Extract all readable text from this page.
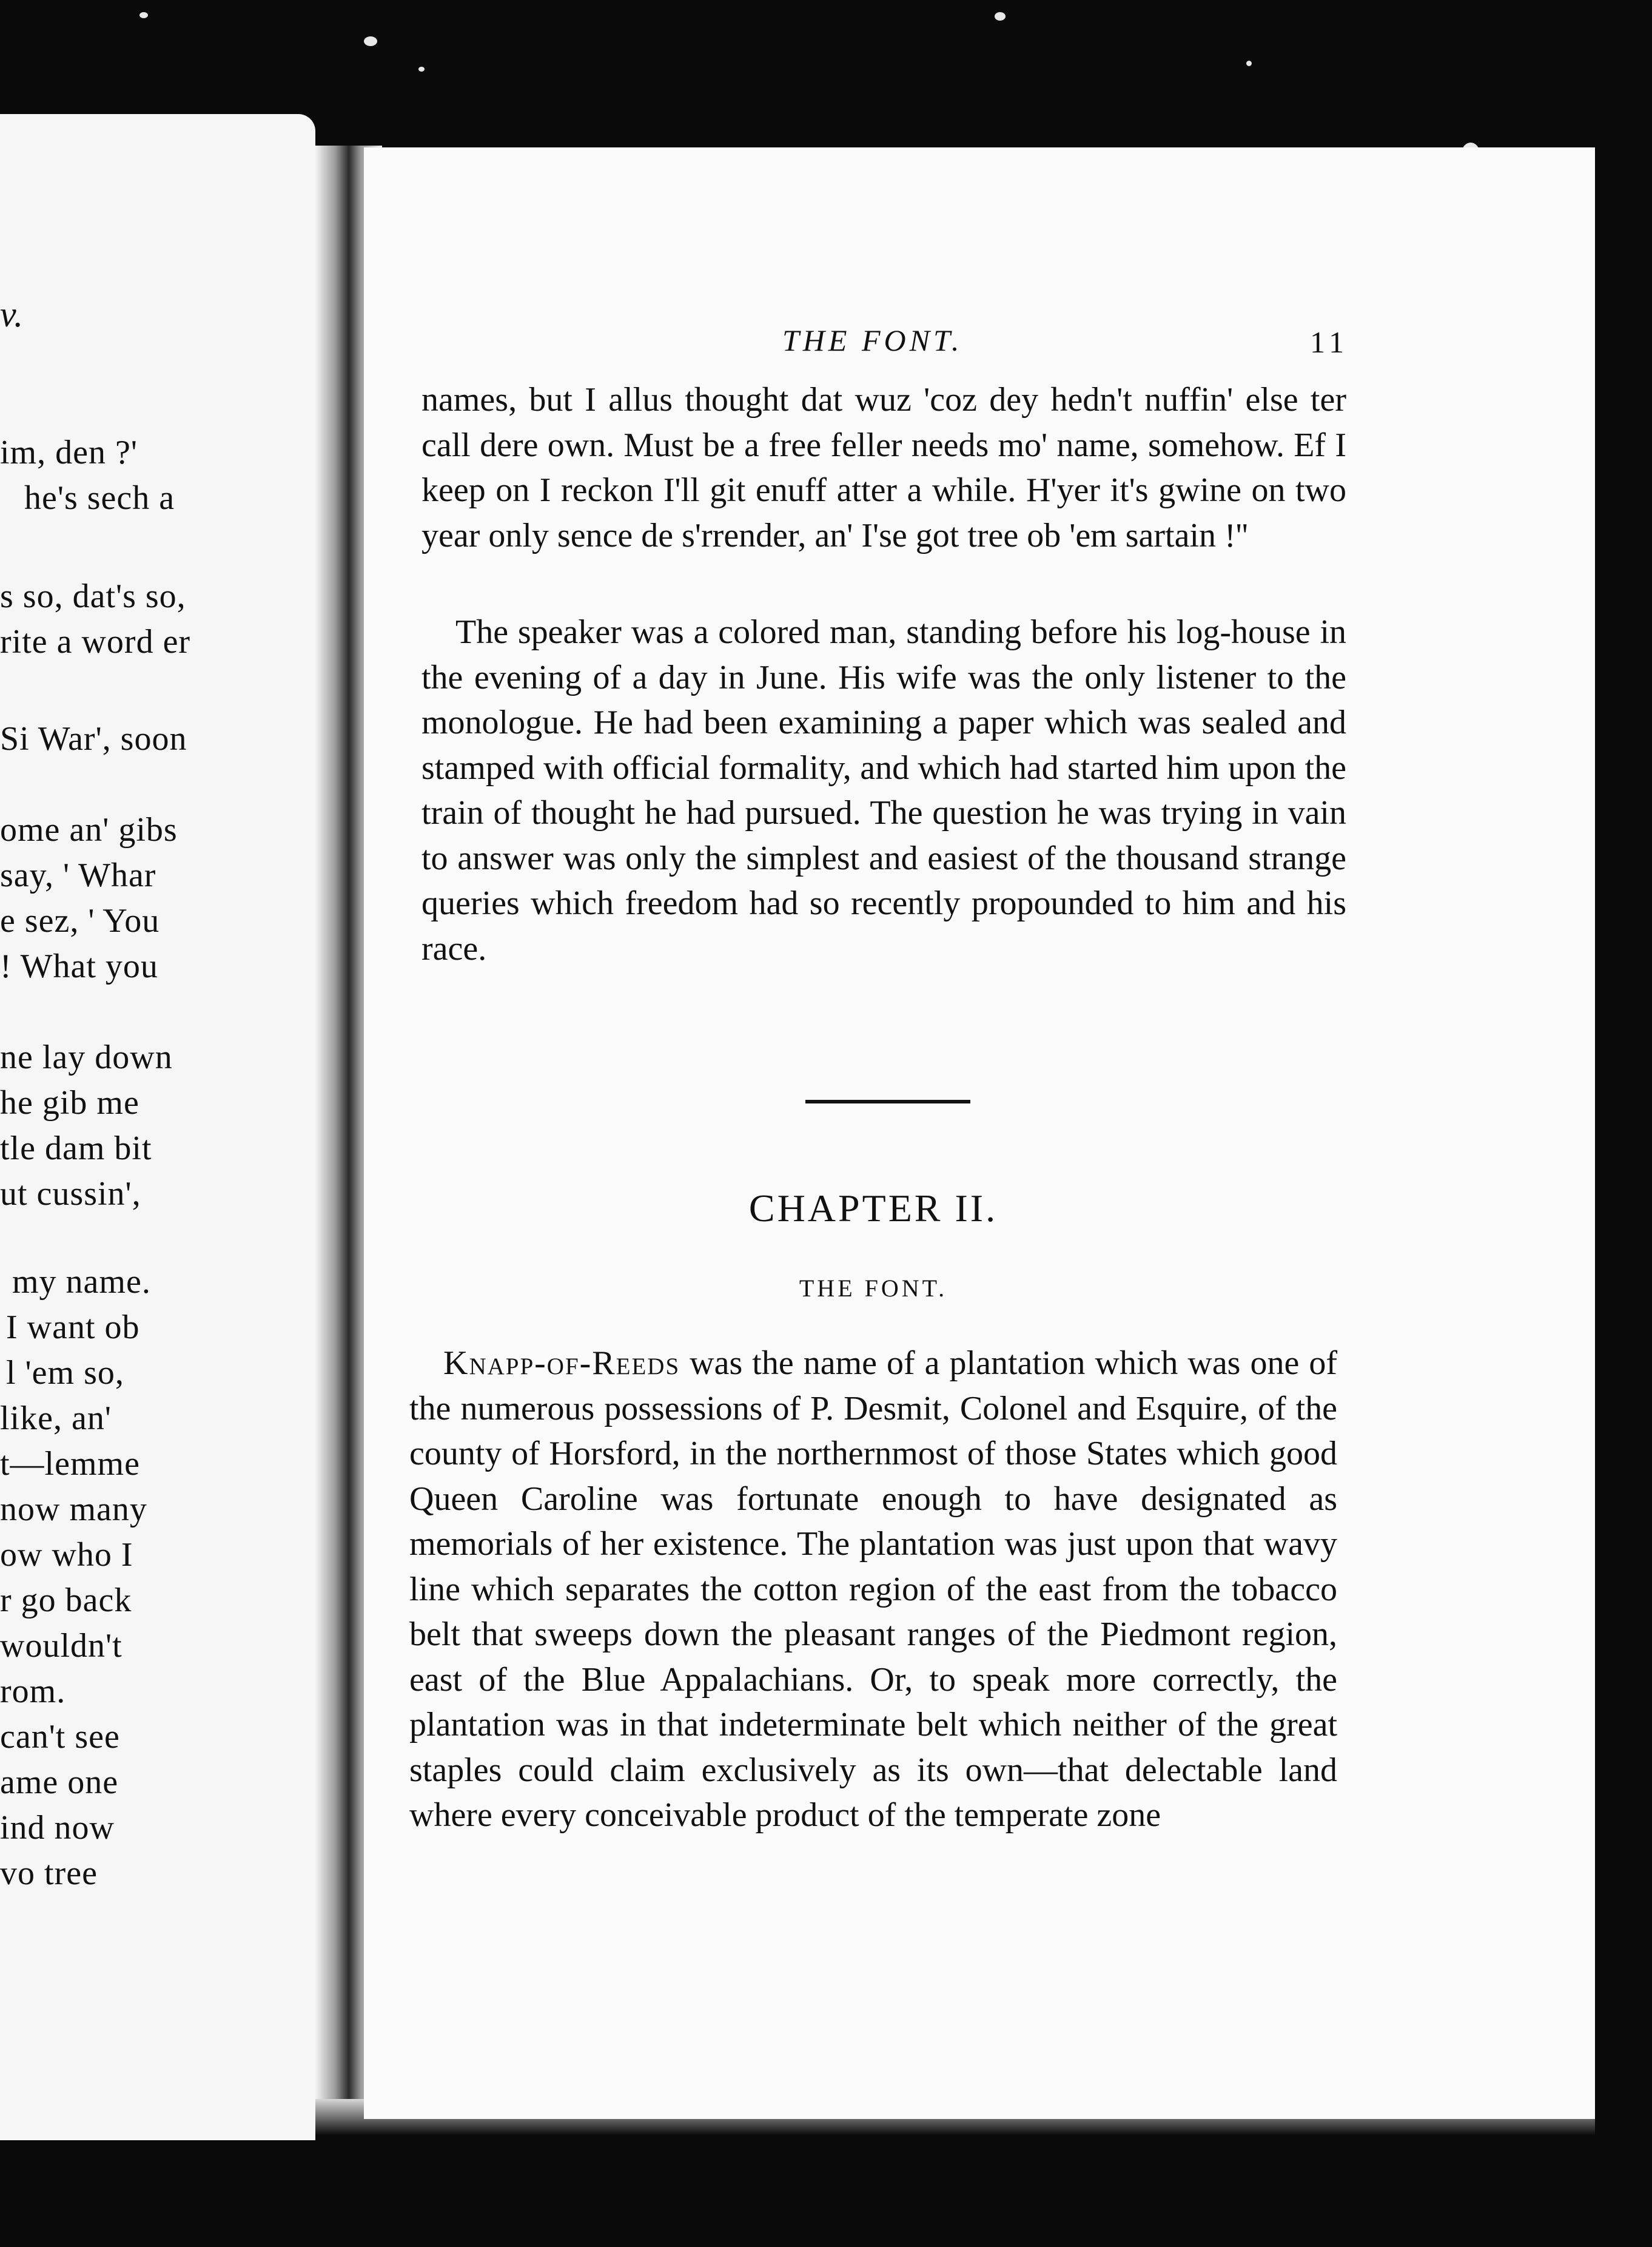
v.
im, den ?'
he's sech a
s so, dat's so,
rite a word er
Si War', soon
ome an' gibs
say, ' Whar
e sez, ' You
! What you
ne lay down
he gib me
tle dam bit
ut cussin',
my name.
I want ob
l 'em so,
like, an'
t—lemme
now many
ow who I
r go back
wouldn't
rom.
can't see
ame one
ind now
vo tree
THE FONT.	11

names, but I allus thought dat wuz 'coz dey hedn't nuffin' else ter call dere own. Must be a free feller needs mo' name, somehow. Ef I keep on I reckon I'll git enuff atter a while. H'yer it's gwine on two year only sence de s'rrender, an' I'se got tree ob 'em sartain !''

The speaker was a colored man, standing before his log-house in the evening of a day in June. His wife was the only listener to the monologue. He had been examining a paper which was sealed and stamped with official formality, and which had started him upon the train of thought he had pursued. The question he was trying in vain to answer was only the simplest and easiest of the thousand strange queries which freedom had so recently propounded to him and his race.

CHAPTER II.
THE FONT.

Knapp-of-Reeds was the name of a plantation which was one of the numerous possessions of P. Desmit, Colonel and Esquire, of the county of Horsford, in the northernmost of those States which good Queen Caroline was fortunate enough to have designated as memorials of her existence. The plantation was just upon that wavy line which separates the cotton region of the east from the tobacco belt that sweeps down the pleasant ranges of the Piedmont region, east of the Blue Appalachians. Or, to speak more correctly, the plantation was in that indeterminate belt which neither of the great staples could claim exclusively as its own—that delectable land where every conceivable product of the temperate zone
